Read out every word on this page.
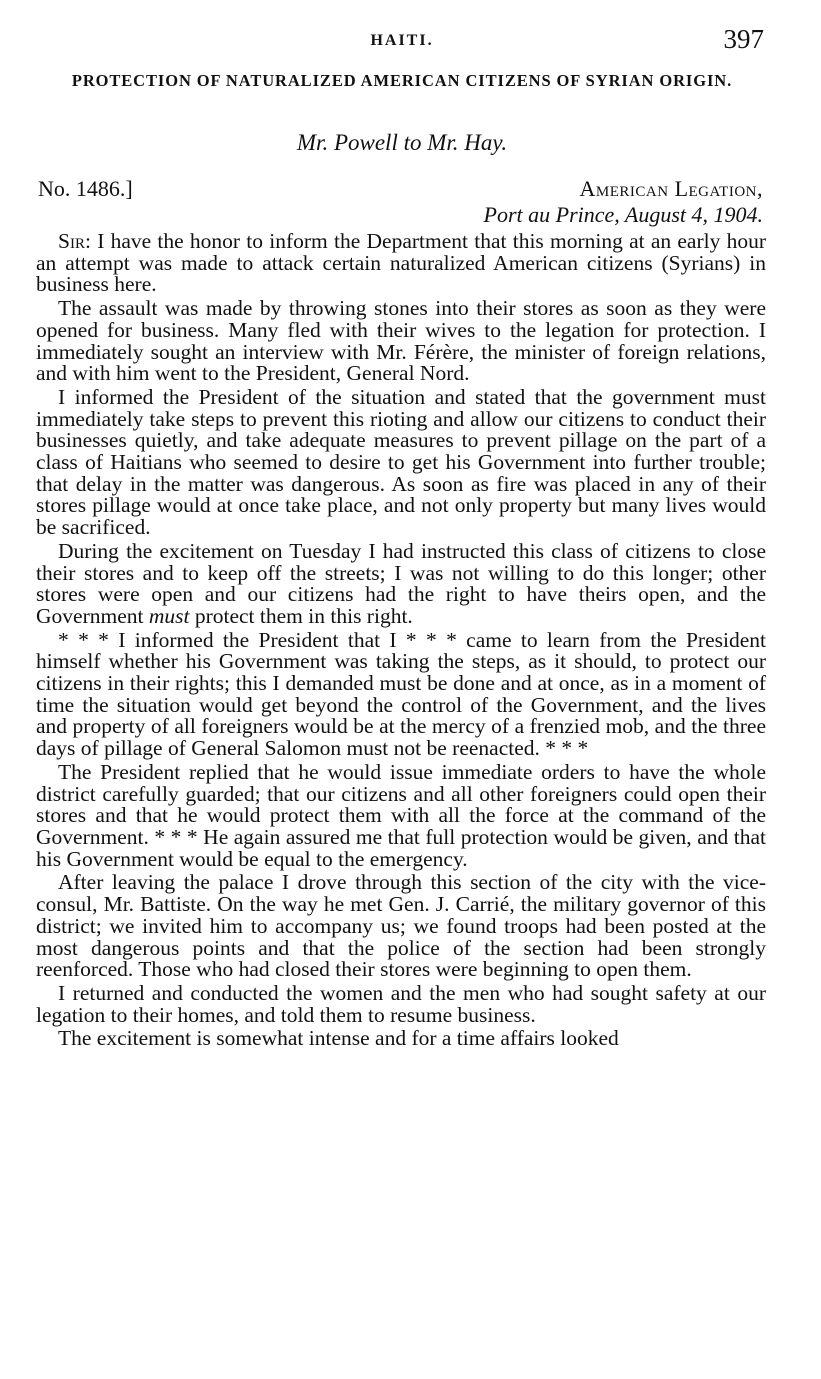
HAITI.	397
PROTECTION OF NATURALIZED AMERICAN CITIZENS OF SYRIAN ORIGIN.
Mr. Powell to Mr. Hay.
No. 1486.]	American Legation,
Port au Prince, August 4, 1904.

Sir: I have the honor to inform the Department that this morning at an early hour an attempt was made to attack certain naturalized American citizens (Syrians) in business here.

The assault was made by throwing stones into their stores as soon as they were opened for business. Many fled with their wives to the legation for protection. I immediately sought an interview with Mr. Férère, the minister of foreign relations, and with him went to the President, General Nord.

I informed the President of the situation and stated that the government must immediately take steps to prevent this rioting and allow our citizens to conduct their businesses quietly, and take adequate measures to prevent pillage on the part of a class of Haitians who seemed to desire to get his Government into further trouble; that delay in the matter was dangerous. As soon as fire was placed in any of their stores pillage would at once take place, and not only property but many lives would be sacrificed.

During the excitement on Tuesday I had instructed this class of citizens to close their stores and to keep off the streets; I was not willing to do this longer; other stores were open and our citizens had the right to have theirs open, and the Government must protect them in this right.

* * * I informed the President that I * * * came to learn from the President himself whether his Government was taking the steps, as it should, to protect our citizens in their rights; this I demanded must be done and at once, as in a moment of time the situation would get beyond the control of the Government, and the lives and property of all foreigners would be at the mercy of a frenzied mob, and the three days of pillage of General Salomon must not be reenacted. * * *

The President replied that he would issue immediate orders to have the whole district carefully guarded; that our citizens and all other foreigners could open their stores and that he would protect them with all the force at the command of the Government. * * * He again assured me that full protection would be given, and that his Government would be equal to the emergency.

After leaving the palace I drove through this section of the city with the vice-consul, Mr. Battiste. On the way he met Gen. J. Carrié, the military governor of this district; we invited him to accompany us; we found troops had been posted at the most dangerous points and that the police of the section had been strongly reenforced. Those who had closed their stores were beginning to open them.

I returned and conducted the women and the men who had sought safety at our legation to their homes, and told them to resume business.

The excitement is somewhat intense and for a time affairs looked
